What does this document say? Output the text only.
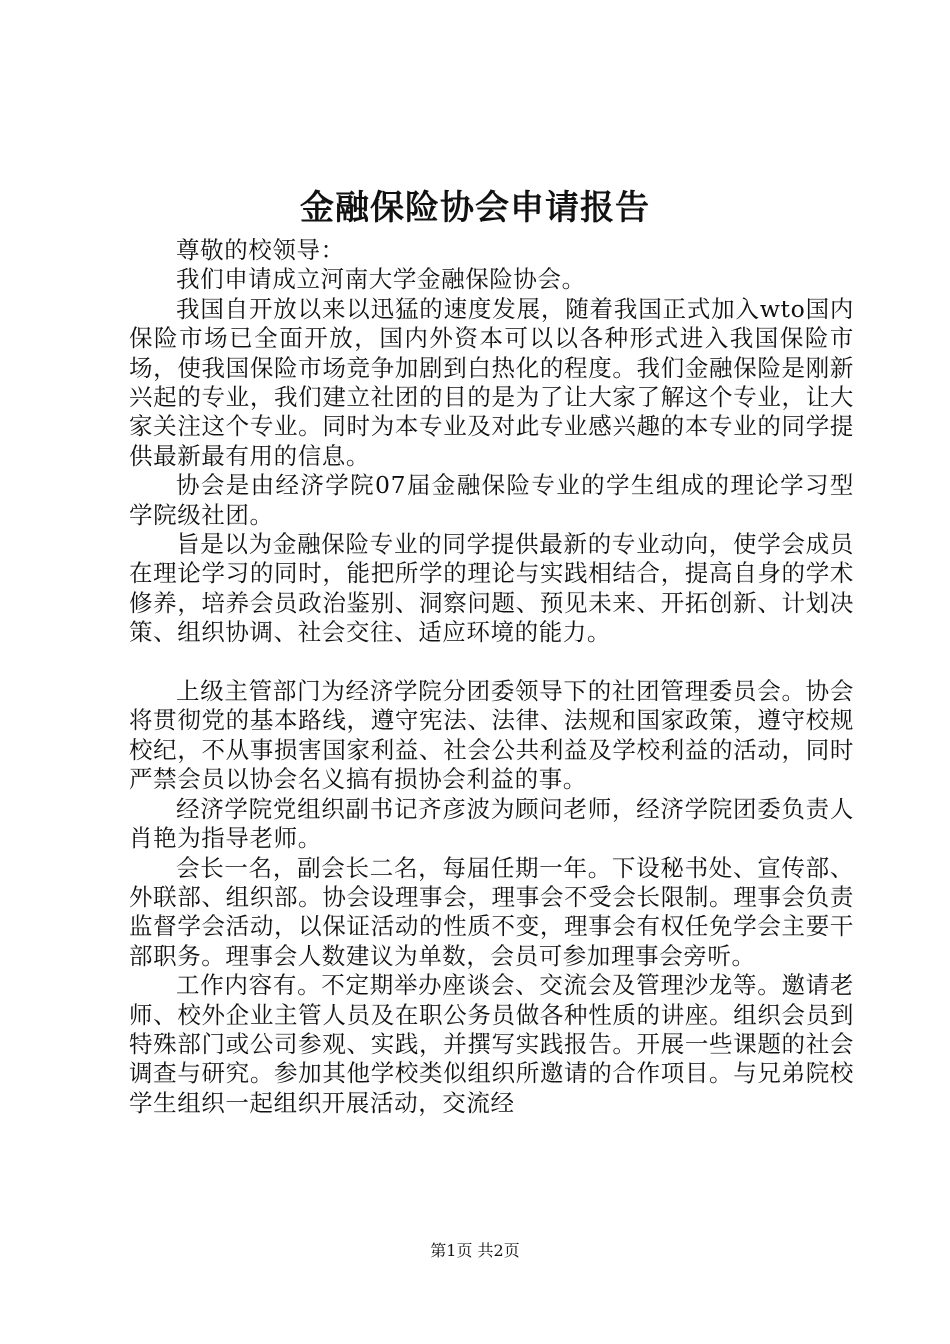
金融保险协会申请报告

尊敬的校领导：

我们申请成立河南大学金融保险协会。

我国自开放以来以迅猛的速度发展，随着我国正式加入wto国内保险市场已全面开放，国内外资本可以以各种形式进入我国保险市场，使我国保险市场竞争加剧到白热化的程度。我们金融保险是刚新兴起的专业，我们建立社团的目的是为了让大家了解这个专业，让大家关注这个专业。同时为本专业及对此专业感兴趣的本专业的同学提供最新最有用的信息。

协会是由经济学院07届金融保险专业的学生组成的理论学习型学院级社团。

旨是以为金融保险专业的同学提供最新的专业动向，使学会成员在理论学习的同时，能把所学的理论与实践相结合，提高自身的学术修养，培养会员政治鉴别、洞察问题、预见未来、开拓创新、计划决策、组织协调、社会交往、适应环境的能力。

上级主管部门为经济学院分团委领导下的社团管理委员会。协会将贯彻党的基本路线，遵守宪法、法律、法规和国家政策，遵守校规校纪，不从事损害国家利益、社会公共利益及学校利益的活动，同时严禁会员以协会名义搞有损协会利益的事。

经济学院党组织副书记齐彦波为顾问老师，经济学院团委负责人肖艳为指导老师。

会长一名，副会长二名，每届任期一年。下设秘书处、宣传部、外联部、组织部。协会设理事会，理事会不受会长限制。理事会负责监督学会活动，以保证活动的性质不变，理事会有权任免学会主要干部职务。理事会人数建议为单数，会员可参加理事会旁听。

工作内容有。不定期举办座谈会、交流会及管理沙龙等。邀请老师、校外企业主管人员及在职公务员做各种性质的讲座。组织会员到特殊部门或公司参观、实践，并撰写实践报告。开展一些课题的社会调查与研究。参加其他学校类似组织所邀请的合作项目。与兄弟院校学生组织一起组织开展活动，交流经

第1页 共2页
